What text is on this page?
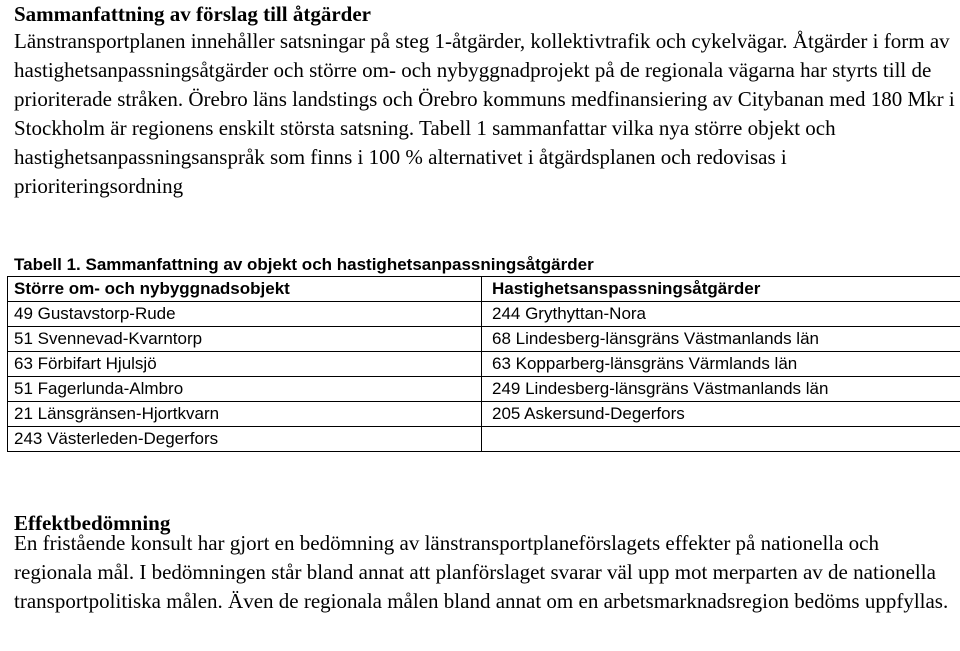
Sammanfattning av förslag till åtgärder

Länstransportplanen innehåller satsningar på steg 1-åtgärder, kollektivtrafik och cykelvägar. Åtgärder i form av hastighetsanpassningsåtgärder och större om- och nybyggnadprojekt på de regionala vägarna har styrts till de prioriterade stråken. Örebro läns landstings och Örebro kommuns medfinansiering av Citybanan med 180 Mkr i Stockholm är regionens enskilt största satsning. Tabell 1 sammanfattar vilka nya större objekt och hastighetsanpassningsanspråk som finns i 100 % alternativet i åtgärdsplanen och redovisas i prioriteringsordning

Tabell 1. Sammanfattning av objekt och hastighetsanpassningsåtgärder

Större om- och nybyggnadsobjekt	Hastighetsanspassningsåtgärder
49 Gustavstorp-Rude	244 Grythyttan-Nora
51 Svennevad-Kvarntorp	68 Lindesberg-länsgräns Västmanlands län
63 Förbifart Hjulsjö	63 Kopparberg-länsgräns Värmlands län
51 Fagerlunda-Almbro	249 Lindesberg-länsgräns Västmanlands län
21 Länsgränsen-Hjortkvarn	205 Askersund-Degerfors
243 Västerleden-Degerfors	
Effektbedömning

En fristående konsult har gjort en bedömning av länstransportplaneförslagets effekter på nationella och regionala mål. I bedömningen står bland annat att planförslaget svarar väl upp mot merparten av de nationella transportpolitiska målen. Även de regionala målen bland annat om en arbetsmarknadsregion bedöms uppfyllas.
